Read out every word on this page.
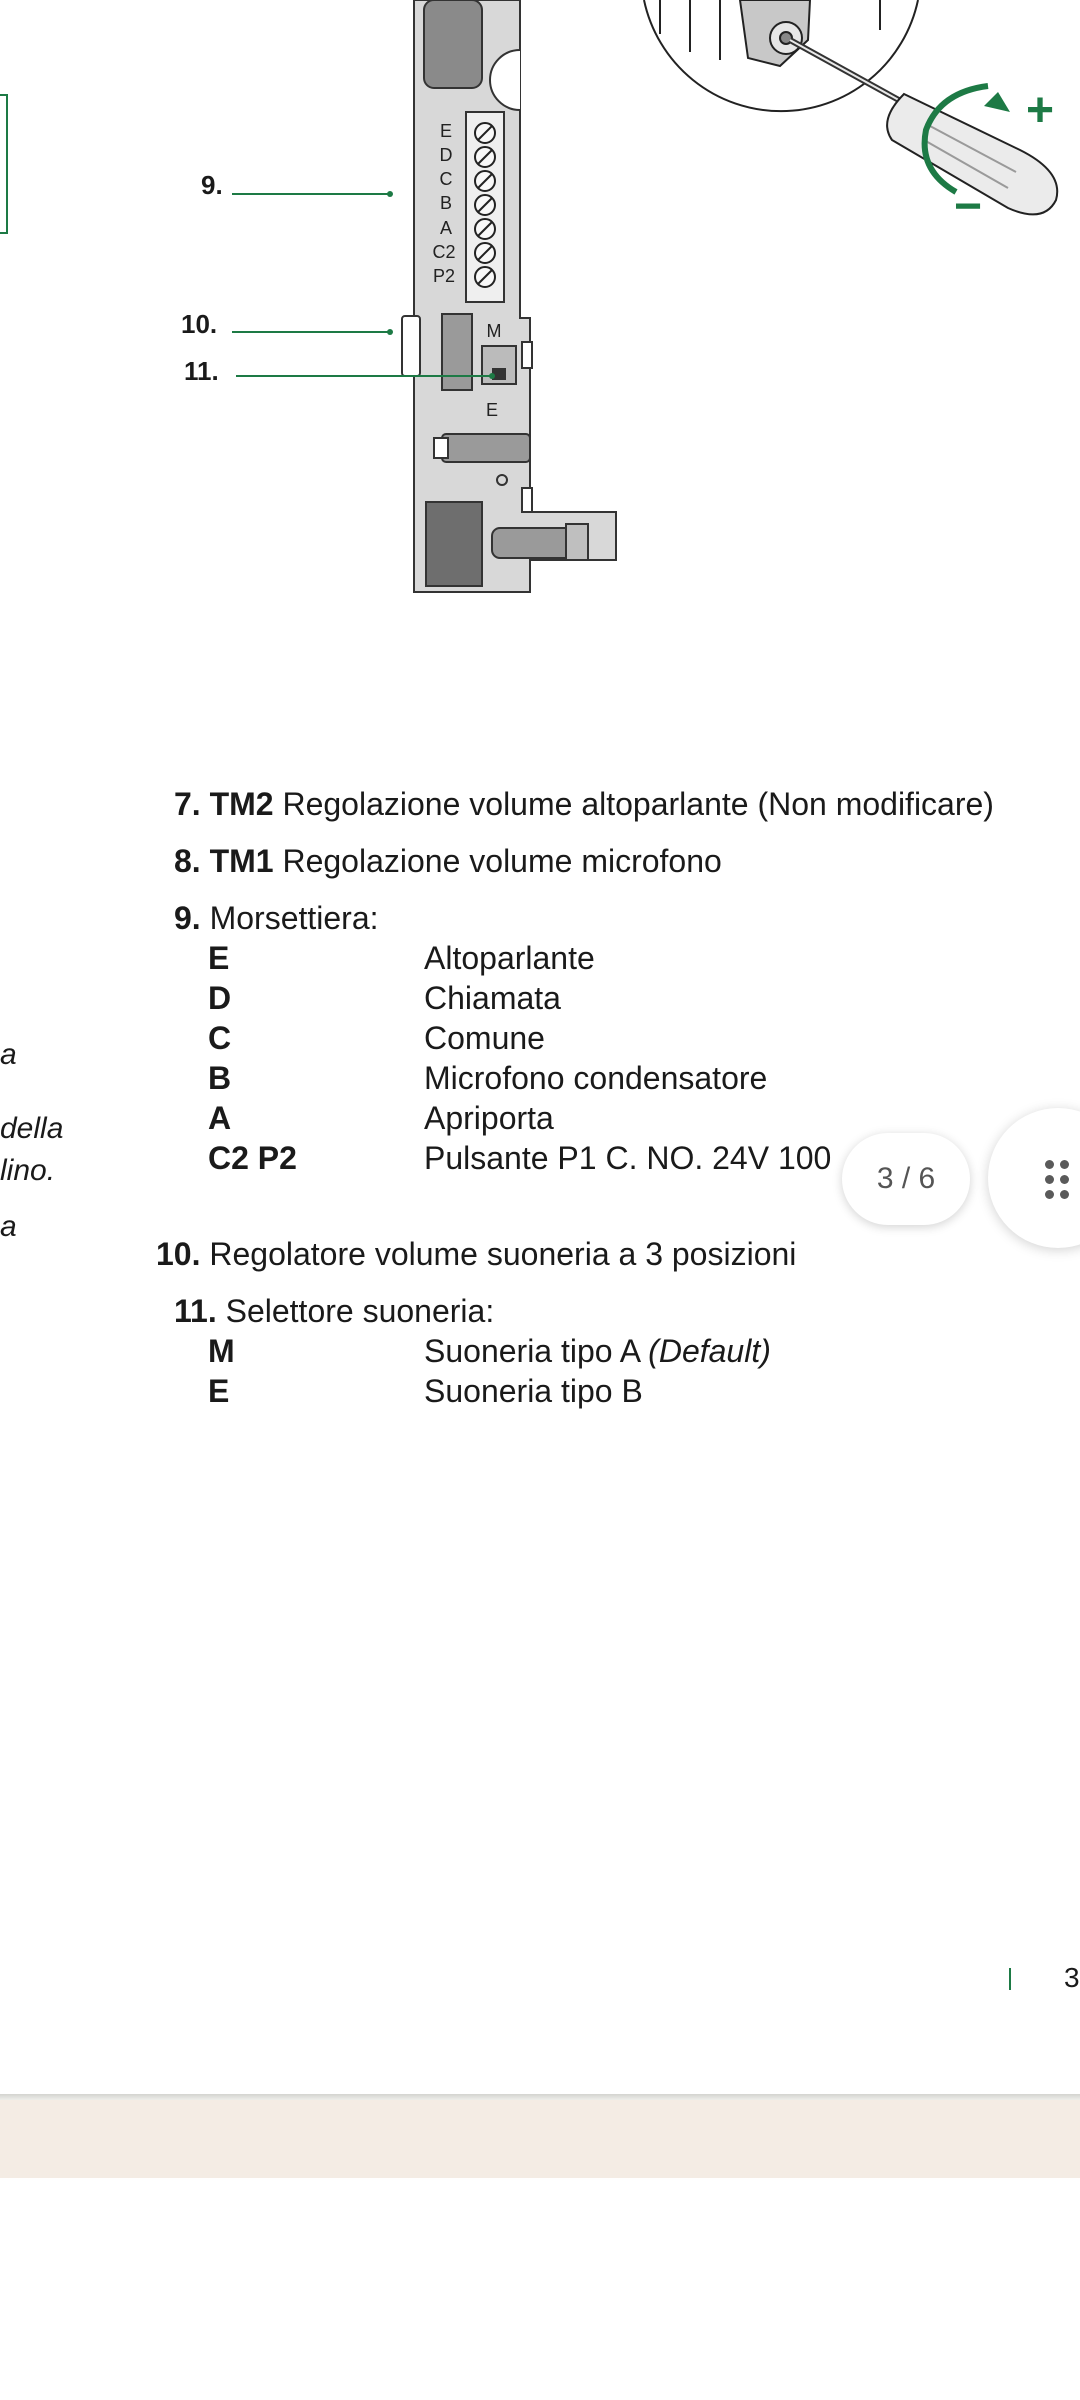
E
D
C
B
A
C2
P2
M
E
+
−
9.
10.
11.
a
della
lino.
a
7. TM2 Regolazione volume altoparlante (Non modificare)
8. TM1 Regolazione volume microfono
9. Morsettiera:
E	Altoparlante
D	Chiamata
C	Comune
B	Microfono condensatore
A	Apriporta
C2 P2	Pulsante P1 C. NO. 24V 100
10. Regolatore volume suoneria a 3 posizioni
11. Selettore suoneria:
M	Suoneria tipo A (Default)
E	Suoneria tipo B
3
3 / 6
